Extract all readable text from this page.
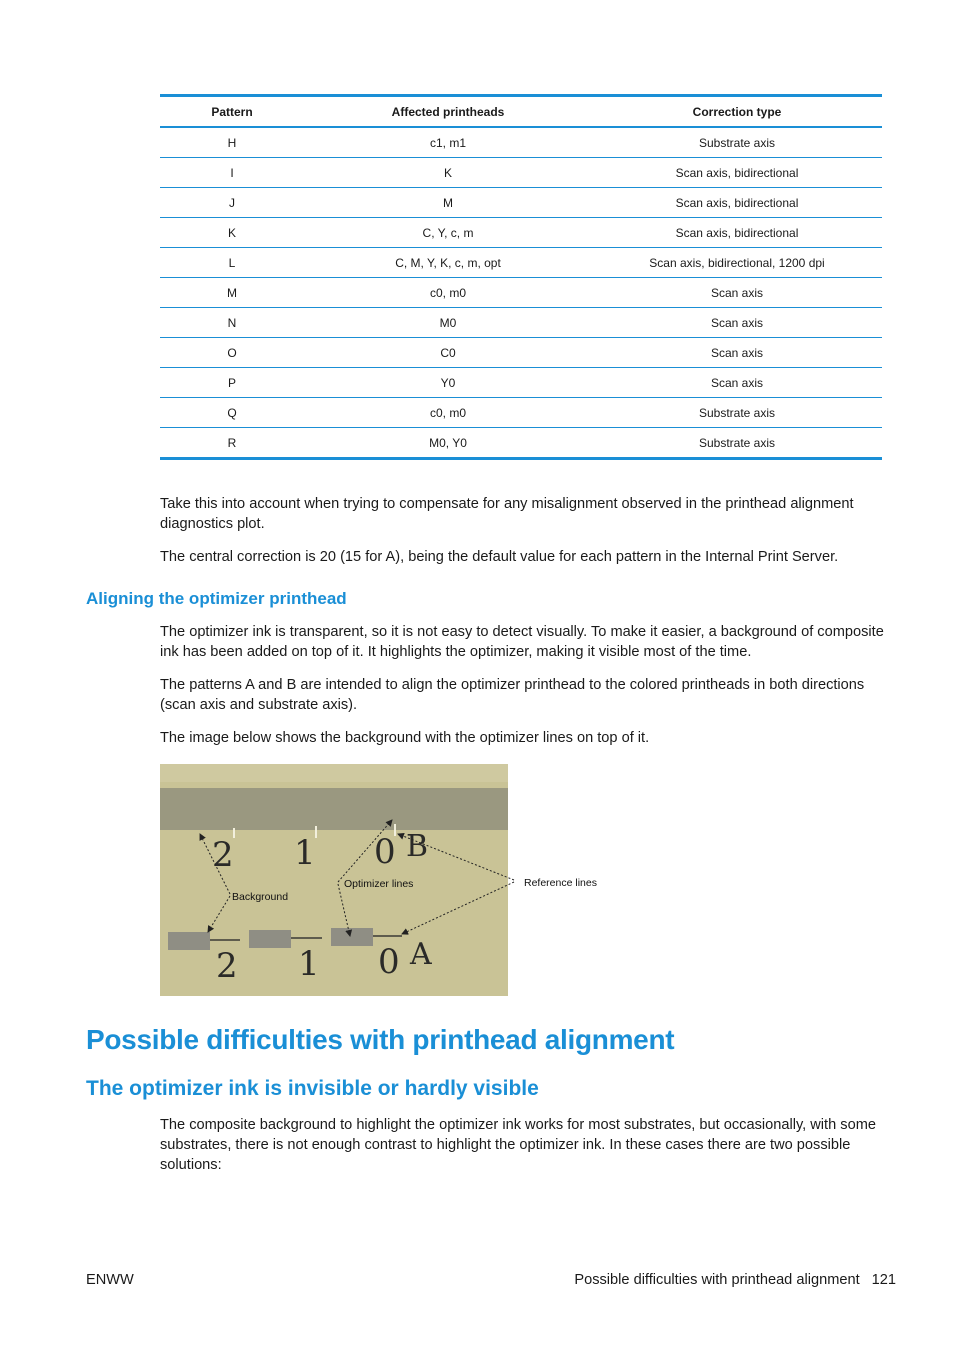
Pattern	Affected printheads	Correction type
H	c1, m1	Substrate axis
I	K	Scan axis, bidirectional
J	M	Scan axis, bidirectional
K	C, Y, c, m	Scan axis, bidirectional
L	C, M, Y, K, c, m, opt	Scan axis, bidirectional, 1200 dpi
M	c0, m0	Scan axis
N	M0	Scan axis
O	C0	Scan axis
P	Y0	Scan axis
Q	c0, m0	Substrate axis
R	M0, Y0	Substrate axis

Take this into account when trying to compensate for any misalignment observed in the printhead alignment diagnostics plot.

The central correction is 20 (15 for A), being the default value for each pattern in the Internal Print Server.

Aligning the optimizer printhead

The optimizer ink is transparent, so it is not easy to detect visually. To make it easier, a background of composite ink has been added on top of it. It highlights the optimizer, making it visible most of the time.

The patterns A and B are intended to align the optimizer printhead to the colored printheads in both directions (scan axis and substrate axis).

The image below shows the background with the optimizer lines on top of it.

2 1 0 B
2 1 0 A
Background
Optimizer lines	Reference lines
Possible difficulties with printhead alignment
The optimizer ink is invisible or hardly visible

The composite background to highlight the optimizer ink works for most substrates, but occasionally, with some substrates, there is not enough contrast to highlight the optimizer ink. In these cases there are two possible solutions:

ENWW	Possible difficulties with printhead alignment 121
